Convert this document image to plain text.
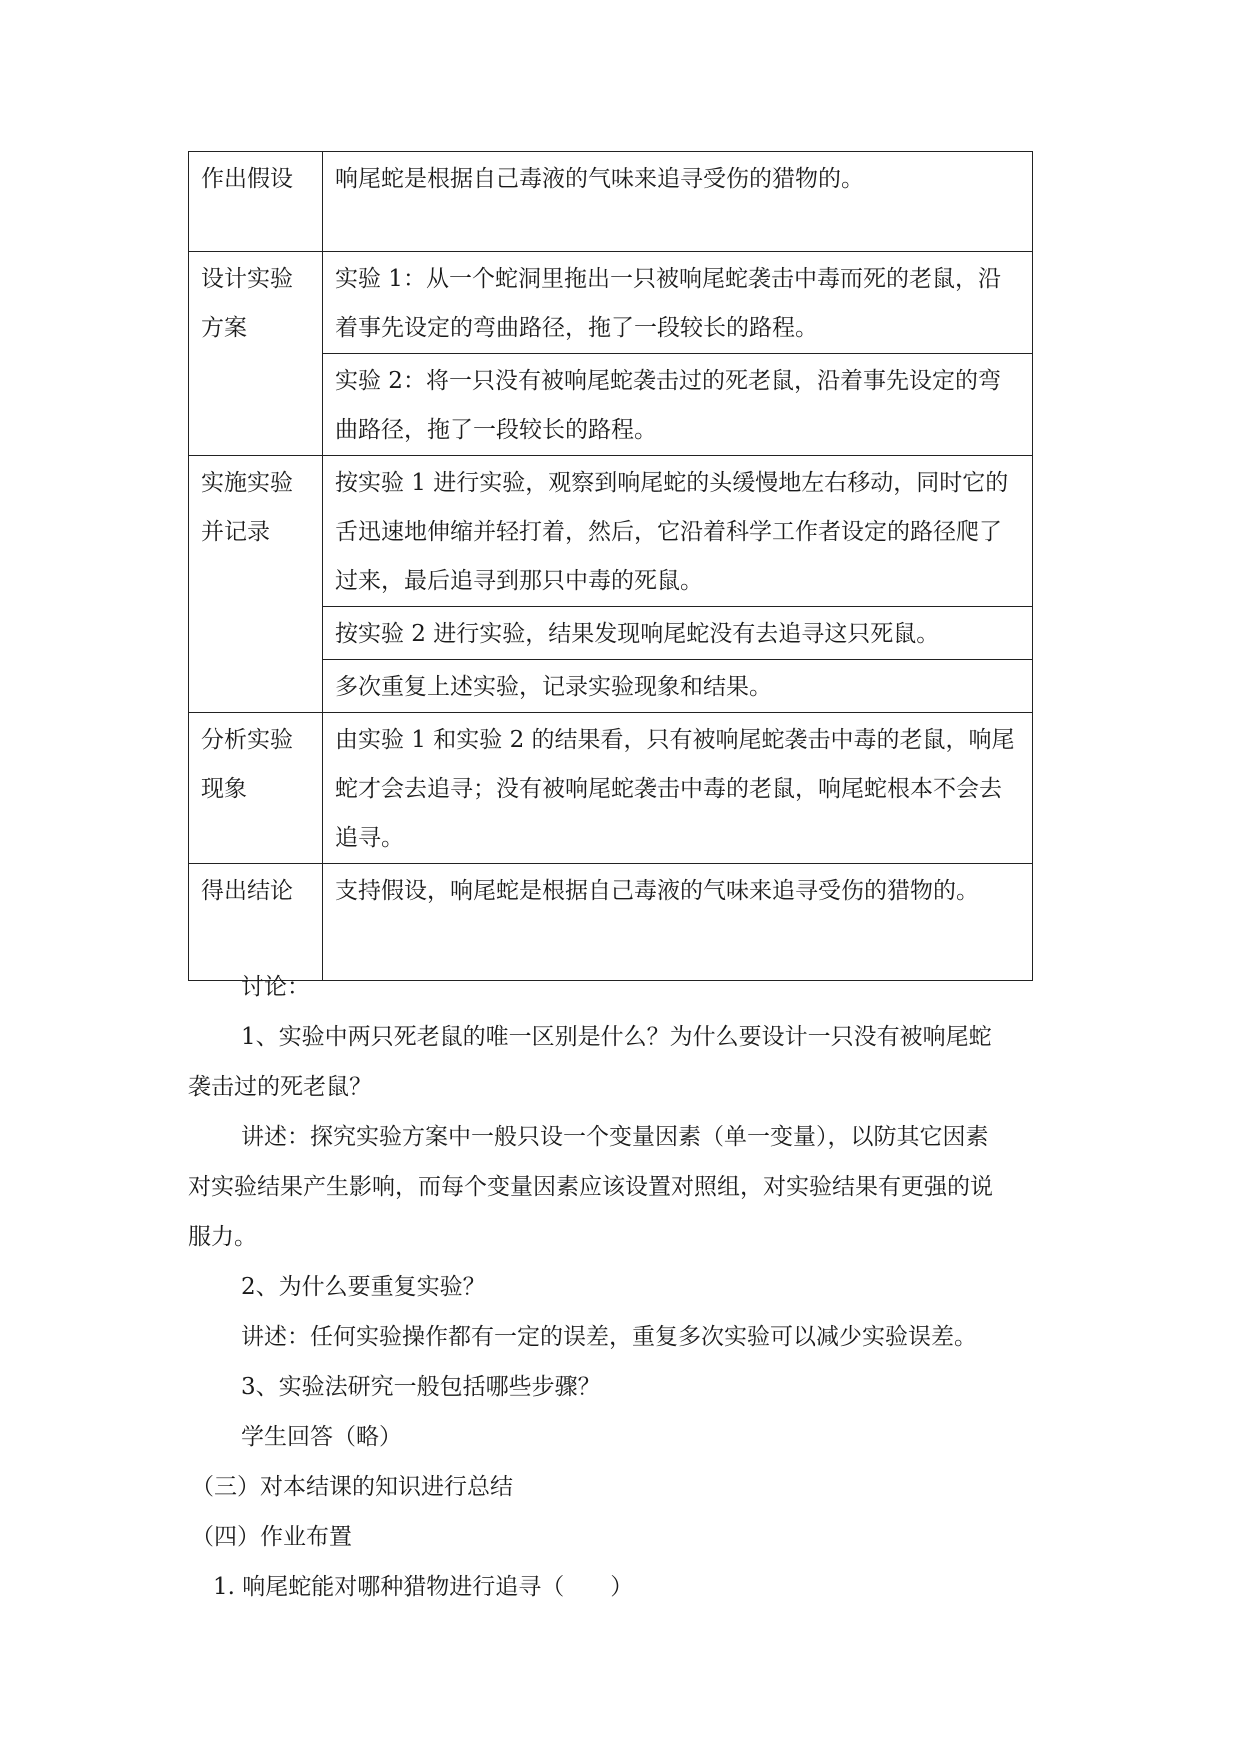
作出假设	响尾蛇是根据自己毒液的气味来追寻受伤的猎物的。
设计实验方案	实验 1：从一个蛇洞里拖出一只被响尾蛇袭击中毒而死的老鼠，沿着事先设定的弯曲路径，拖了一段较长的路程。
	实验 2：将一只没有被响尾蛇袭击过的死老鼠，沿着事先设定的弯曲路径，拖了一段较长的路程。
实施实验并记录	按实验 1 进行实验，观察到响尾蛇的头缓慢地左右移动，同时它的舌迅速地伸缩并轻打着，然后，它沿着科学工作者设定的路径爬了过来，最后追寻到那只中毒的死鼠。
	按实验 2 进行实验，结果发现响尾蛇没有去追寻这只死鼠。
	多次重复上述实验，记录实验现象和结果。
分析实验现象	由实验 1 和实验 2 的结果看，只有被响尾蛇袭击中毒的老鼠，响尾蛇才会去追寻；没有被响尾蛇袭击中毒的老鼠，响尾蛇根本不会去追寻。
得出结论	支持假设，响尾蛇是根据自己毒液的气味来追寻受伤的猎物的。
讨论：
1、实验中两只死老鼠的唯一区别是什么？为什么要设计一只没有被响尾蛇
袭击过的死老鼠？
讲述：探究实验方案中一般只设一个变量因素（单一变量），以防其它因素
对实验结果产生影响，而每个变量因素应该设置对照组，对实验结果有更强的说
服力。
2、为什么要重复实验？
讲述：任何实验操作都有一定的误差，重复多次实验可以减少实验误差。
3、实验法研究一般包括哪些步骤？
学生回答（略）
（三）对本结课的知识进行总结
（四）作业布置
1. 响尾蛇能对哪种猎物进行追寻（　　）
